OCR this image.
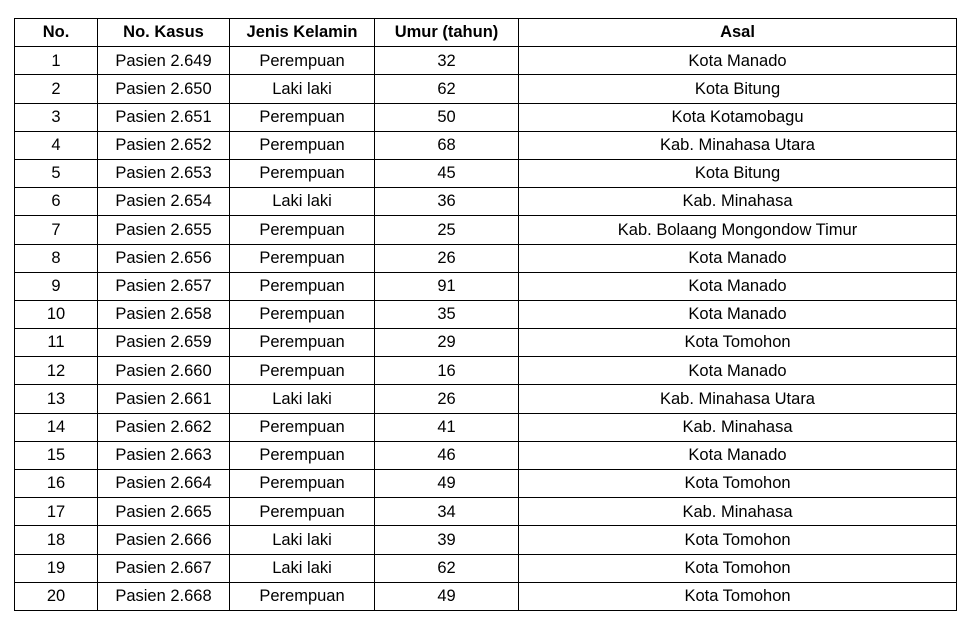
No.	No. Kasus	Jenis Kelamin	Umur (tahun)	Asal
1	Pasien 2.649	Perempuan	32	Kota Manado
2	Pasien 2.650	Laki laki	62	Kota Bitung
3	Pasien 2.651	Perempuan	50	Kota Kotamobagu
4	Pasien 2.652	Perempuan	68	Kab. Minahasa Utara
5	Pasien 2.653	Perempuan	45	Kota Bitung
6	Pasien 2.654	Laki laki	36	Kab. Minahasa
7	Pasien 2.655	Perempuan	25	Kab. Bolaang Mongondow Timur
8	Pasien 2.656	Perempuan	26	Kota Manado
9	Pasien 2.657	Perempuan	91	Kota Manado
10	Pasien 2.658	Perempuan	35	Kota Manado
11	Pasien 2.659	Perempuan	29	Kota Tomohon
12	Pasien 2.660	Perempuan	16	Kota Manado
13	Pasien 2.661	Laki laki	26	Kab. Minahasa Utara
14	Pasien 2.662	Perempuan	41	Kab. Minahasa
15	Pasien 2.663	Perempuan	46	Kota Manado
16	Pasien 2.664	Perempuan	49	Kota Tomohon
17	Pasien 2.665	Perempuan	34	Kab. Minahasa
18	Pasien 2.666	Laki laki	39	Kota Tomohon
19	Pasien 2.667	Laki laki	62	Kota Tomohon
20	Pasien 2.668	Perempuan	49	Kota Tomohon
